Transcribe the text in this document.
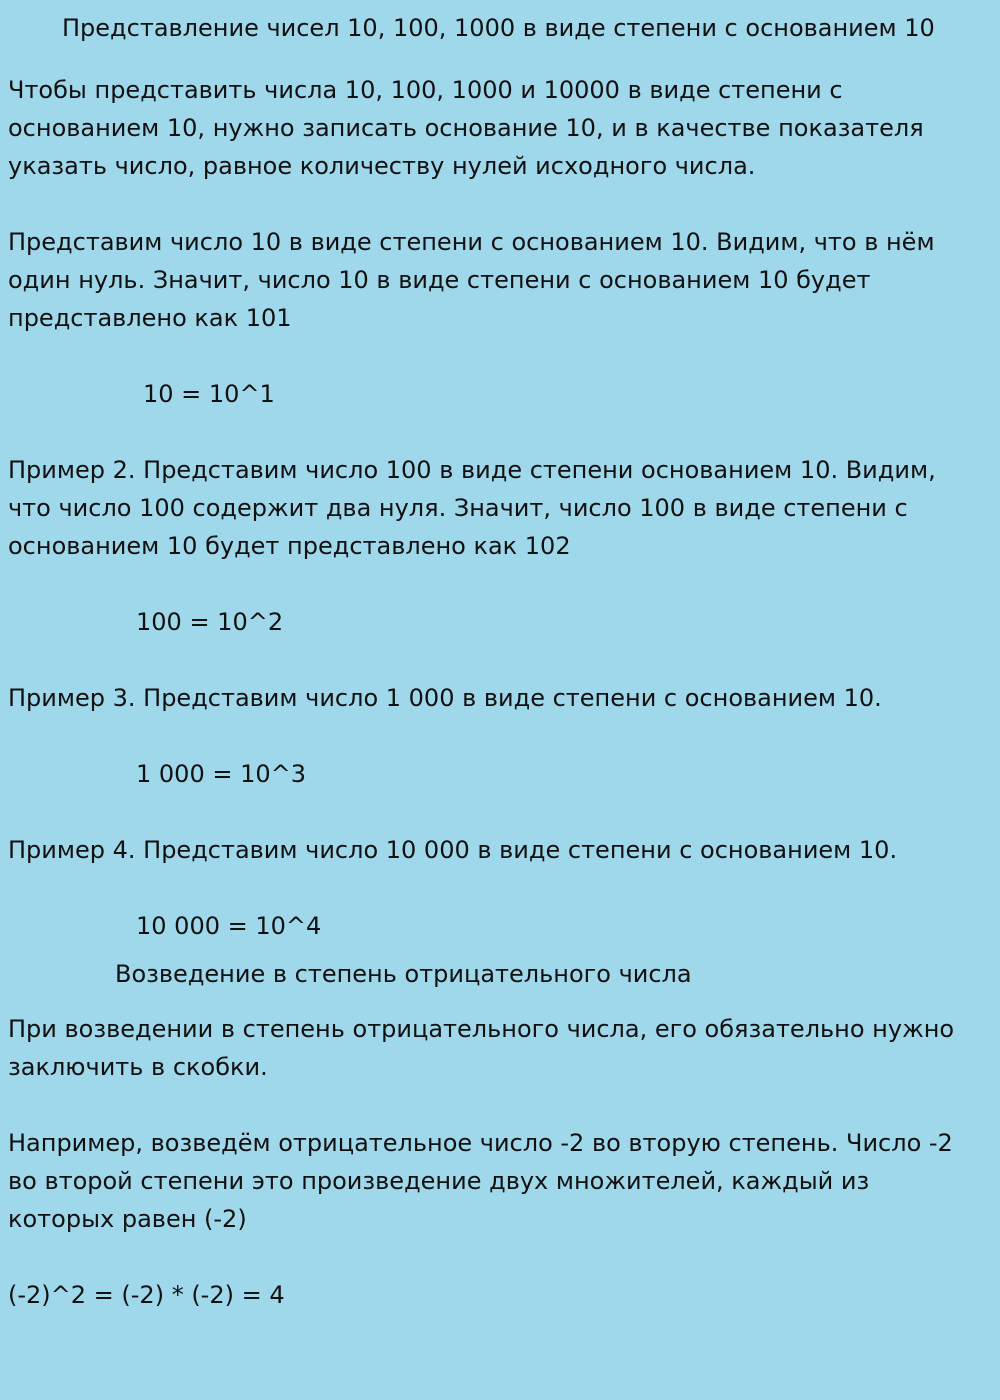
Представление чисел 10, 100, 1000 в виде степени с основанием 10

Чтобы представить числа 10, 100, 1000 и 10000 в виде степени с

основанием 10, нужно записать основание 10, и в качестве показателя

указать число, равное количеству нулей исходного числа.

Представим число 10 в виде степени с основанием 10. Видим, что в нём

один нуль. Значит, число 10 в виде степени с основанием 10 будет

представлено как 101

10 = 10^1

Пример 2. Представим число 100 в виде степени основанием 10. Видим,

что число 100 содержит два нуля. Значит, число 100 в виде степени с

основанием 10 будет представлено как 102

100 = 10^2

Пример 3. Представим число 1 000 в виде степени с основанием 10.

1 000 = 10^3

Пример 4. Представим число 10 000 в виде степени с основанием 10.

10 000 = 10^4

Возведение в степень отрицательного числа

При возведении в степень отрицательного числа, его обязательно нужно

заключить в скобки.

Например, возведём отрицательное число -2 во вторую степень. Число -2

во второй степени это произведение двух множителей, каждый из

которых равен (-2)

(-2)^2 = (-2) * (-2) = 4
